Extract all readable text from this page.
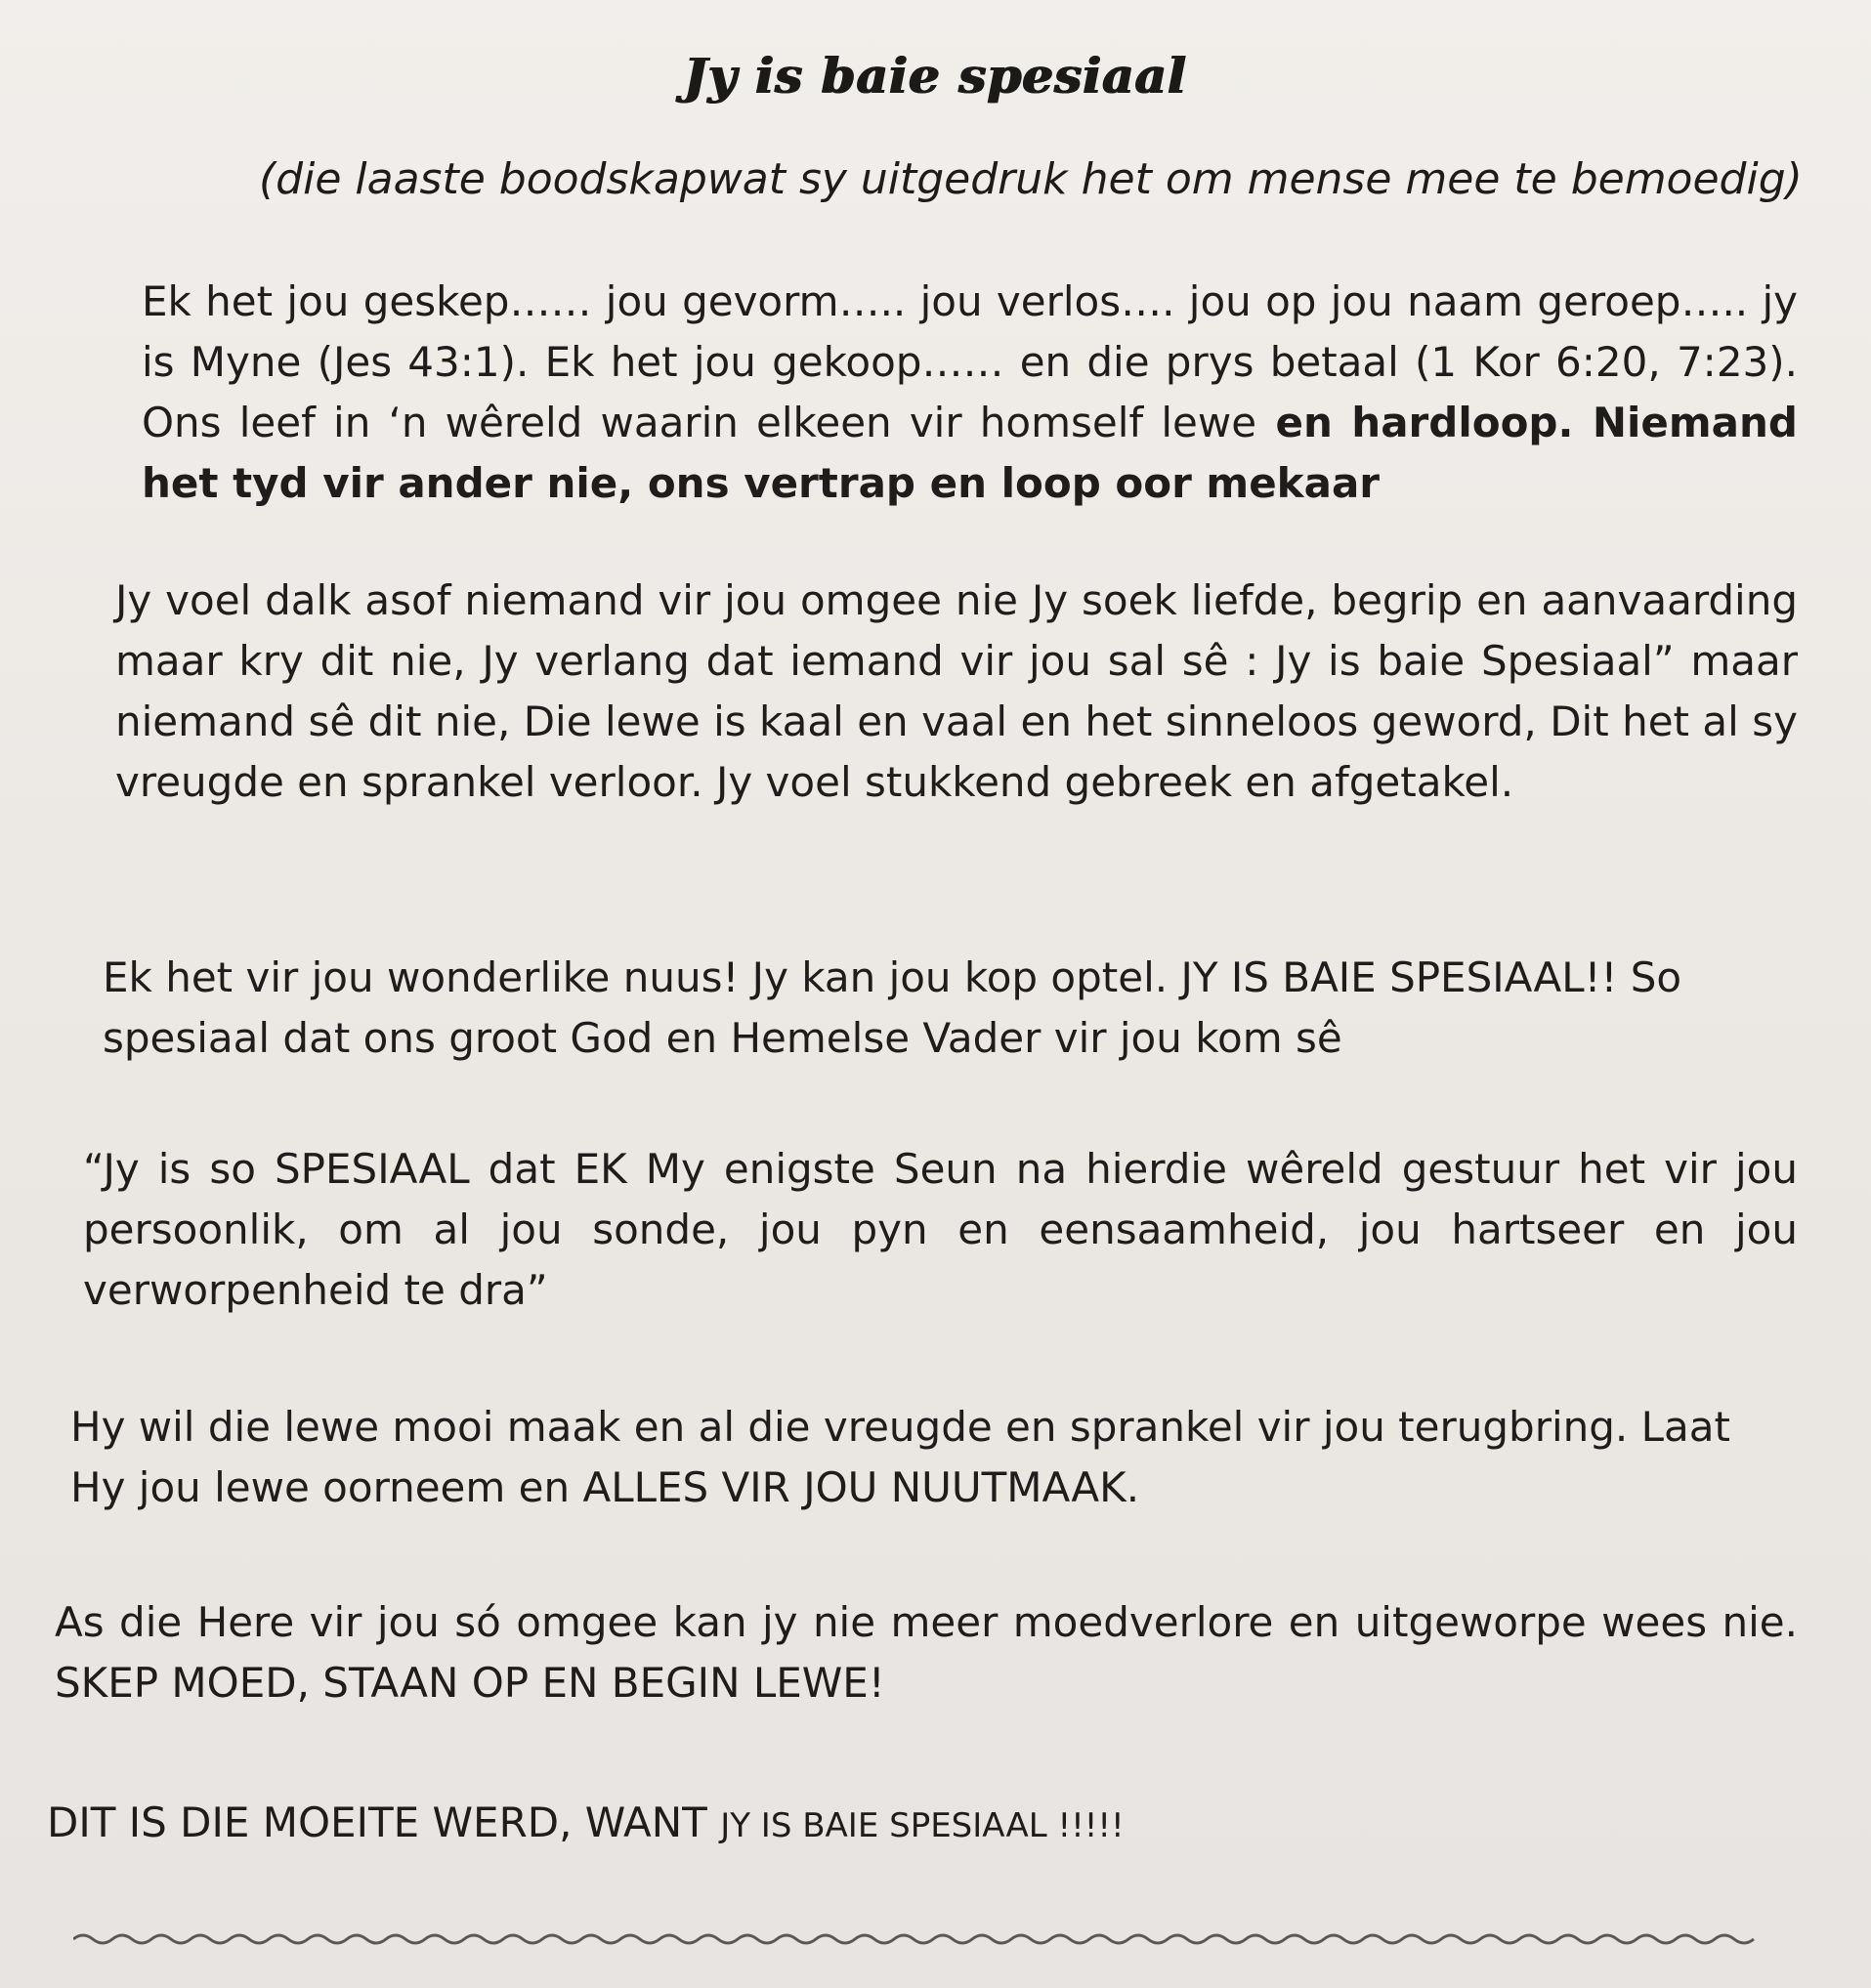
Jy is baie spesiaal
(die laaste boodskapwat sy uitgedruk het om mense mee te bemoedig)
Ek het jou geskep…… jou gevorm….. jou verlos…. jou op jou naam geroep….. jy is Myne (Jes 43:1). Ek het jou gekoop…… en die prys betaal (1 Kor 6:20, 7:23). Ons leef in ‘n wêreld waarin elkeen vir homself lewe en hardloop. Niemand het tyd vir ander nie, ons vertrap en loop oor mekaar
Jy voel dalk asof niemand vir jou omgee nie Jy soek liefde, begrip en aanvaarding maar kry dit nie, Jy verlang dat iemand vir jou sal sê : Jy is baie Spesiaal” maar niemand sê dit nie, Die lewe is kaal en vaal en het sinneloos geword, Dit het al sy vreugde en sprankel verloor. Jy voel stukkend gebreek en afgetakel.
Ek het vir jou wonderlike nuus! Jy kan jou kop optel. JY IS BAIE SPESIAAL!! So spesiaal dat ons groot God en Hemelse Vader vir jou kom sê
“Jy is so SPESIAAL dat EK My enigste Seun na hierdie wêreld gestuur het vir jou persoonlik, om al jou sonde, jou pyn en eensaamheid, jou hartseer en jou verworpenheid te dra”
Hy wil die lewe mooi maak en al die vreugde en sprankel vir jou terugbring. Laat Hy jou lewe oorneem en ALLES VIR JOU NUUTMAAK.
As die Here vir jou só omgee kan jy nie meer moedverlore en uitgeworpe wees nie. SKEP MOED, STAAN OP EN BEGIN LEWE!
DIT IS DIE MOEITE WERD, WANT JY IS BAIE SPESIAAL !!!!!
